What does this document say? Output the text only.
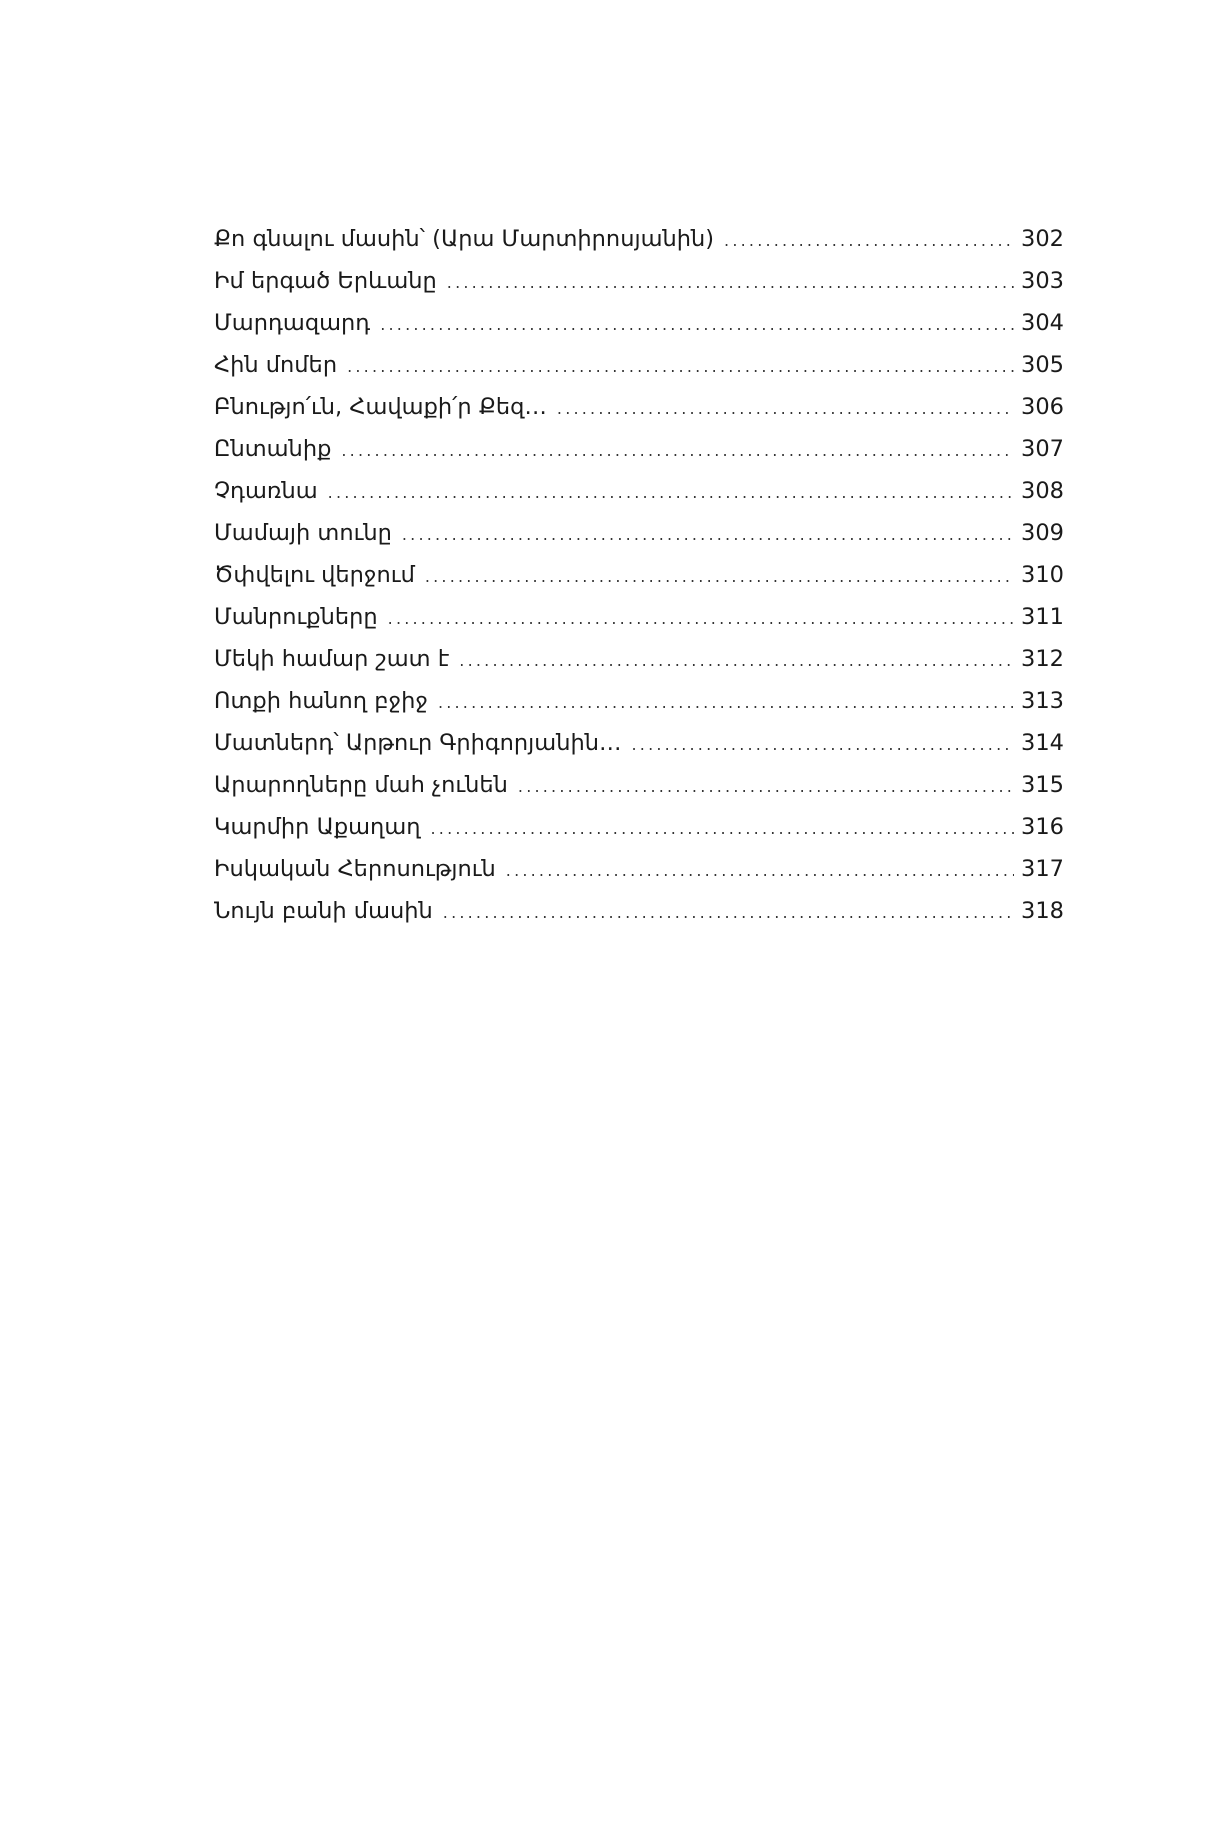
Քո գնալու մասին՝ (Արա Մարտիրոսյանին) .....	302
Իմ երգած Երևանը .....	303
Մարդազարդ .....	304
Հին մոմեր .....	305
Բնությո՛ւն, Հավաքի՛ր Քեզ… .....	306
Ընտանիք .....	307
Չդառնա .....	308
Մամայի տունը .....	309
Ծփվելու վերջում .....	310
Մանրուքները .....	311
Մեկի համար շատ է .....	312
Ոտքի հանող բջիջ .....	313
Մատներդ՝ Արթուր Գրիգորյանին… .....	314
Արարողները մահ չունեն .....	315
Կարմիր Աքաղաղ .....	316
Իսկական Հերոսություն .....	317
Նույն բանի մասին .....	318
